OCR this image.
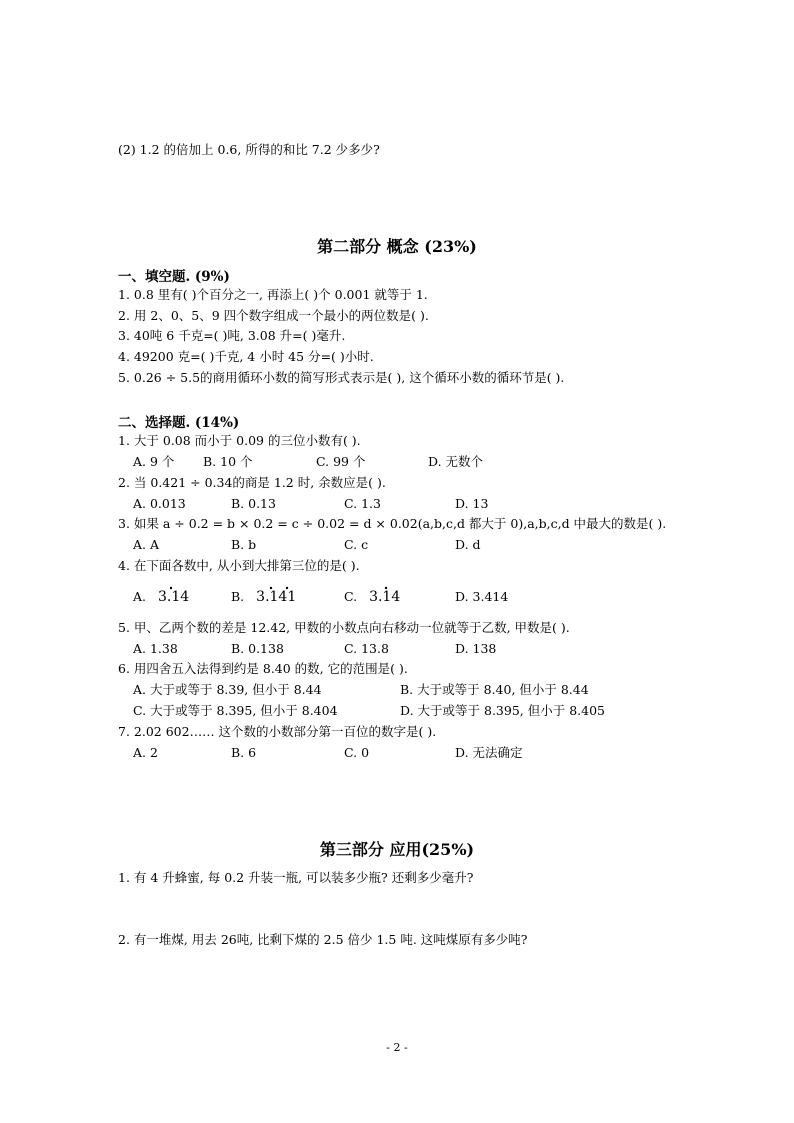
(2) 1.2 的倍加上 0.6, 所得的和比 7.2 少多少?
第二部分 概念 (23%)
一、填空题. (9%)
1. 0.8 里有( )个百分之一, 再添上( )个 0.001 就等于 1.
2. 用 2、0、5、9 四个数字组成一个最小的两位数是( ).
3. 40吨 6 千克=( )吨, 3.08 升=( )毫升.
4. 49200 克=( )千克, 4 小时 45 分=( )小时.
5. 0.26 ÷ 5.5的商用循环小数的简写形式表示是( ), 这个循环小数的循环节是( ).
二、选择题. (14%)
1. 大于 0.08 而小于 0.09 的三位小数有( ).
A. 9 个 B. 10 个	C. 99 个	D. 无数个
2. 当 0.421 ÷ 0.34的商是 1.2 时, 余数应是( ).
A. 0.013	B. 0.13	C. 1.3	D. 13
3. 如果 a ÷ 0.2 = b × 0.2 = c ÷ 0.02 = d × 0.02(a,b,c,d 都大于 0),a,b,c,d 中最大的数是( ).
A. A	B. b	C. c	D. d
4. 在下面各数中, 从小到大排第三位的是( ).
A. 3.14	B. 3.141	C. 3.14	D. 3.414
5. 甲、乙两个数的差是 12.42, 甲数的小数点向右移动一位就等于乙数, 甲数是( ).
A. 1.38	B. 0.138	C. 13.8	D. 138
6. 用四舍五入法得到约是 8.40 的数, 它的范围是( ).
A. 大于或等于 8.39, 但小于 8.44	B. 大于或等于 8.40, 但小于 8.44
C. 大于或等于 8.395, 但小于 8.404	D. 大于或等于 8.395, 但小于 8.405
7. 2.02 602…… 这个数的小数部分第一百位的数字是( ).
A. 2	B. 6	C. 0	D. 无法确定
第三部分 应用(25%)
1. 有 4 升蜂蜜, 每 0.2 升装一瓶, 可以装多少瓶? 还剩多少毫升?
2. 有一堆煤, 用去 26吨, 比剩下煤的 2.5 倍少 1.5 吨. 这吨煤原有多少吨?
- 2 -
